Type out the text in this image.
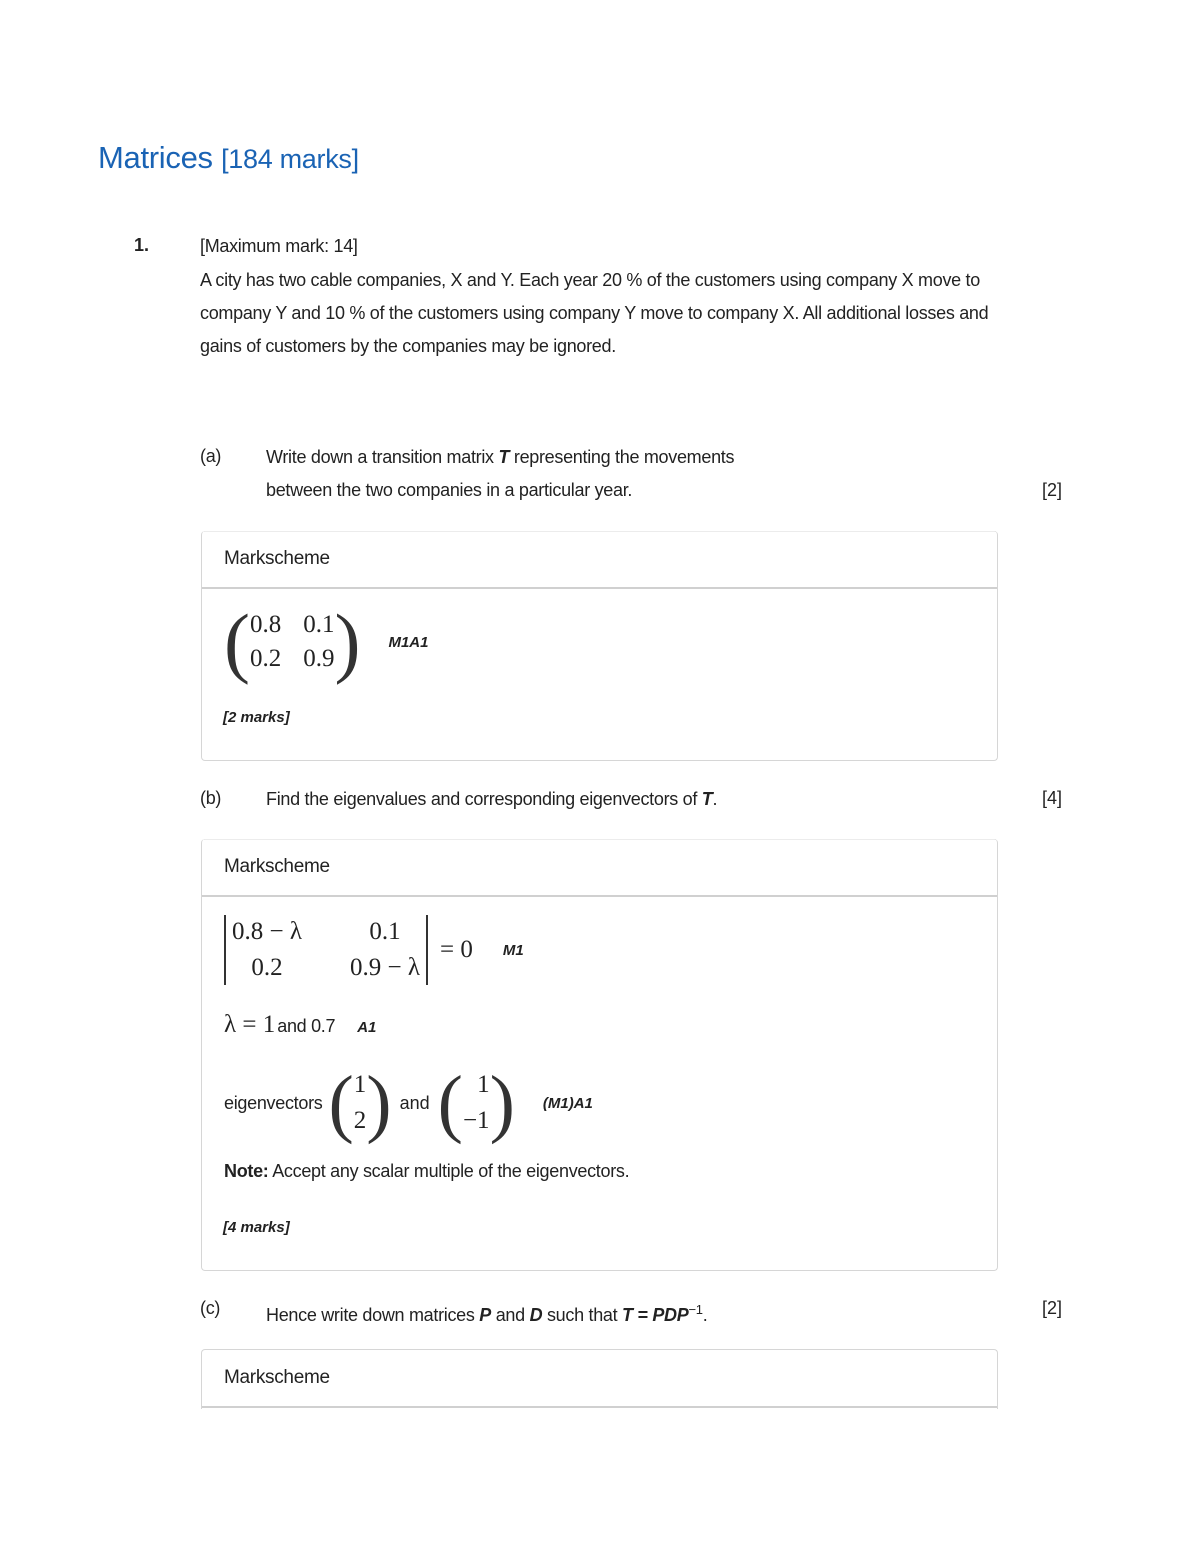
Matrices [184 marks]
1.	[Maximum mark: 14]
A city has two cable companies, X and Y. Each year 20 % of the customers using company X move to company Y and 10 % of the customers using company Y move to company X. All additional losses and gains of customers by the companies may be ignored.
(a) Write down a transition matrix T representing the movements
between the two companies in a particular year.	[2]
Markscheme
( 0.8 0.1
0.2 0.9 ) M1A1
[2 marks]
(b) Find the eigenvalues and corresponding eigenvectors of T.	[4]
Markscheme
0.8 − λ	0.1
0.2	0.9 − λ
= 0 M1
λ = 1 and 0.7 A1
eigenvectors ( 1
2 ) and ( 1
−1 ) (M1)A1
Note: Accept any scalar multiple of the eigenvectors.
[4 marks]
(c)	Hence write down matrices P and D such that $T = PDP^{-1}$.	[2]
Markscheme
